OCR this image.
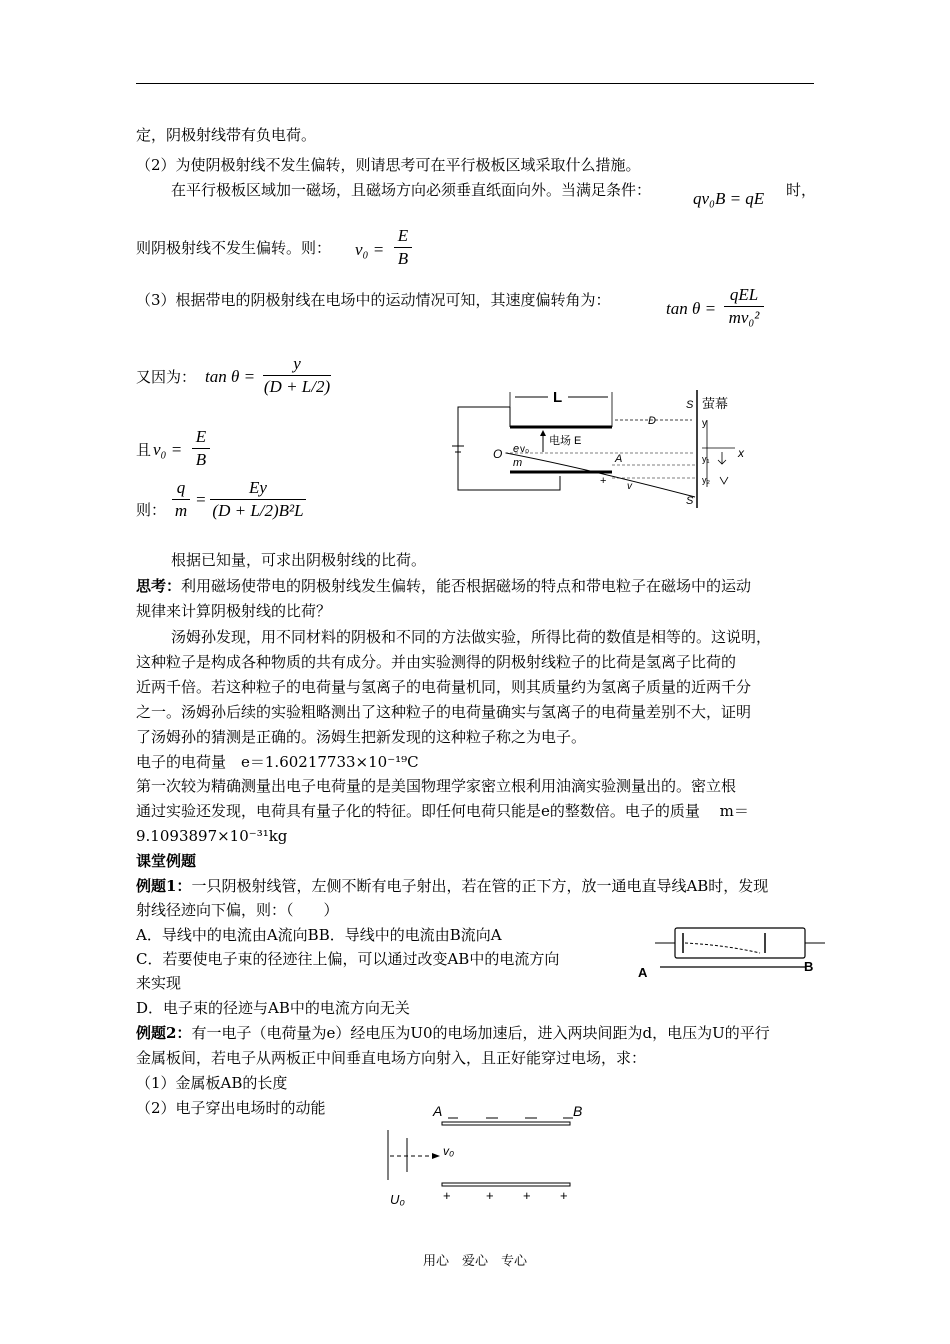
定，阴极射线带有负电荷。
（2）为使阴极射线不发生偏转，则请思考可在平行极板区域采取什么措施。
在平行极板区域加一磁场，且磁场方向必须垂直纸面向外。当满足条件： qv₀B = qE 时，
则阴极射线不发生偏转。则： v₀ =
E
B
（3）根据带电的阴极射线在电场中的运动情况可知，其速度偏转角为：	tan θ =
qEL
mv₀²
又因为： tan θ =
y
(D + L/2)
且 v₀ =
E
B
则：
q
m
=
Ey
(D + L/2)B²L
L
D
S
S
萤幕
y
x
y₁
y₂
O e v₀
m
电场 E
A
+ v
根据已知量，可求出阴极射线的比荷。
思考：利用磁场使带电的阴极射线发生偏转，能否根据磁场的特点和带电粒子在磁场中的运动
规律来计算阴极射线的比荷？
汤姆孙发现，用不同材料的阴极和不同的方法做实验，所得比荷的数值是相等的。这说明，
这种粒子是构成各种物质的共有成分。并由实验测得的阴极射线粒子的比荷是氢离子比荷的
近两千倍。若这种粒子的电荷量与氢离子的电荷量机同，则其质量约为氢离子质量的近两千分
之一。汤姆孙后续的实验粗略测出了这种粒子的电荷量确实与氢离子的电荷量差别不大，证明
了汤姆孙的猜测是正确的。汤姆生把新发现的这种粒子称之为电子。
电子的电荷量　e＝1.60217733×10⁻¹⁹C
第一次较为精确测量出电子电荷量的是美国物理学家密立根利用油滴实验测量出的。密立根
通过实验还发现，电荷具有量子化的特征。即任何电荷只能是e的整数倍。电子的质量　 m＝
9.1093897×10⁻³¹kg
课堂例题
例题1：一只阴极射线管，左侧不断有电子射出，若在管的正下方，放一通电直导线AB时，发现
射线径迹向下偏，则：（　　）
A．导线中的电流由A流向BB．导线中的电流由B流向A
C．若要使电子束的径迹往上偏，可以通过改变AB中的电流方向
来实现
D．电子束的径迹与AB中的电流方向无关
A	B
例题2：有一电子（电荷量为e）经电压为U0的电场加速后，进入两块间距为d，电压为U的平行
金属板间，若电子从两板正中间垂直电场方向射入，且正好能穿过电场，求：
（1）金属板AB的长度
（2）电子穿出电场时的动能	A	B
v₀
U₀	+	+ + +
用心　爱心　专心
